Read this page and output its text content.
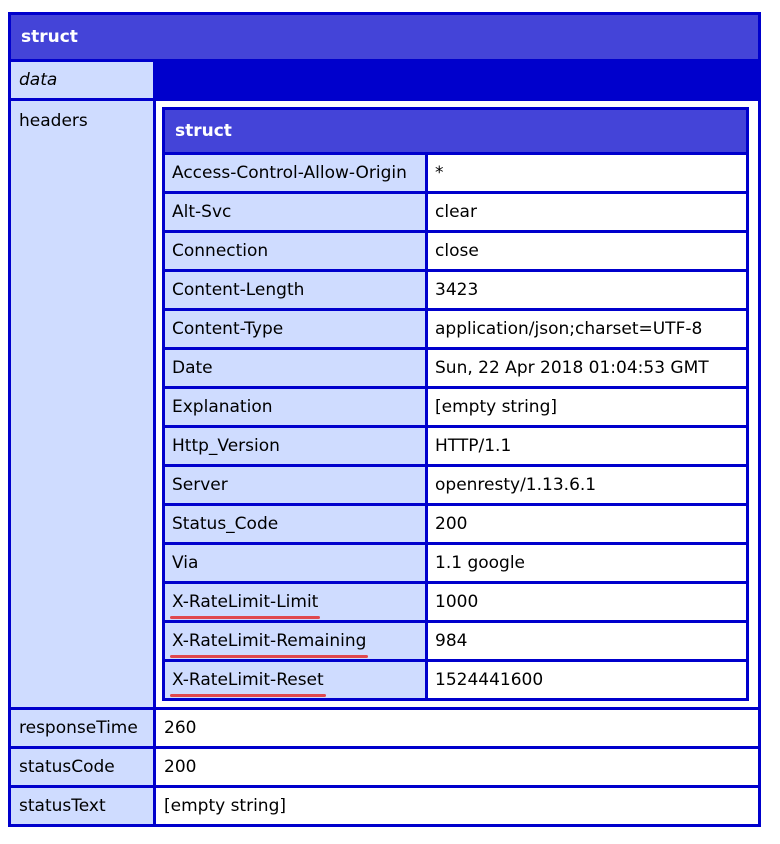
struct
data
headers	struct
Access-Control-Allow-Origin	*
Alt-Svc	clear
Connection	close
Content-Length	3423
Content-Type	application/json;charset=UTF-8
Date	Sun, 22 Apr 2018 01:04:53 GMT
Explanation	[empty string]
Http_Version	HTTP/1.1
Server	openresty/1.13.6.1
Status_Code	200
Via	1.1 google
X-RateLimit-Limit	1000
X-RateLimit-Remaining	984
X-RateLimit-Reset	1524441600
responseTime	260
statusCode	200
statusText	[empty string]
